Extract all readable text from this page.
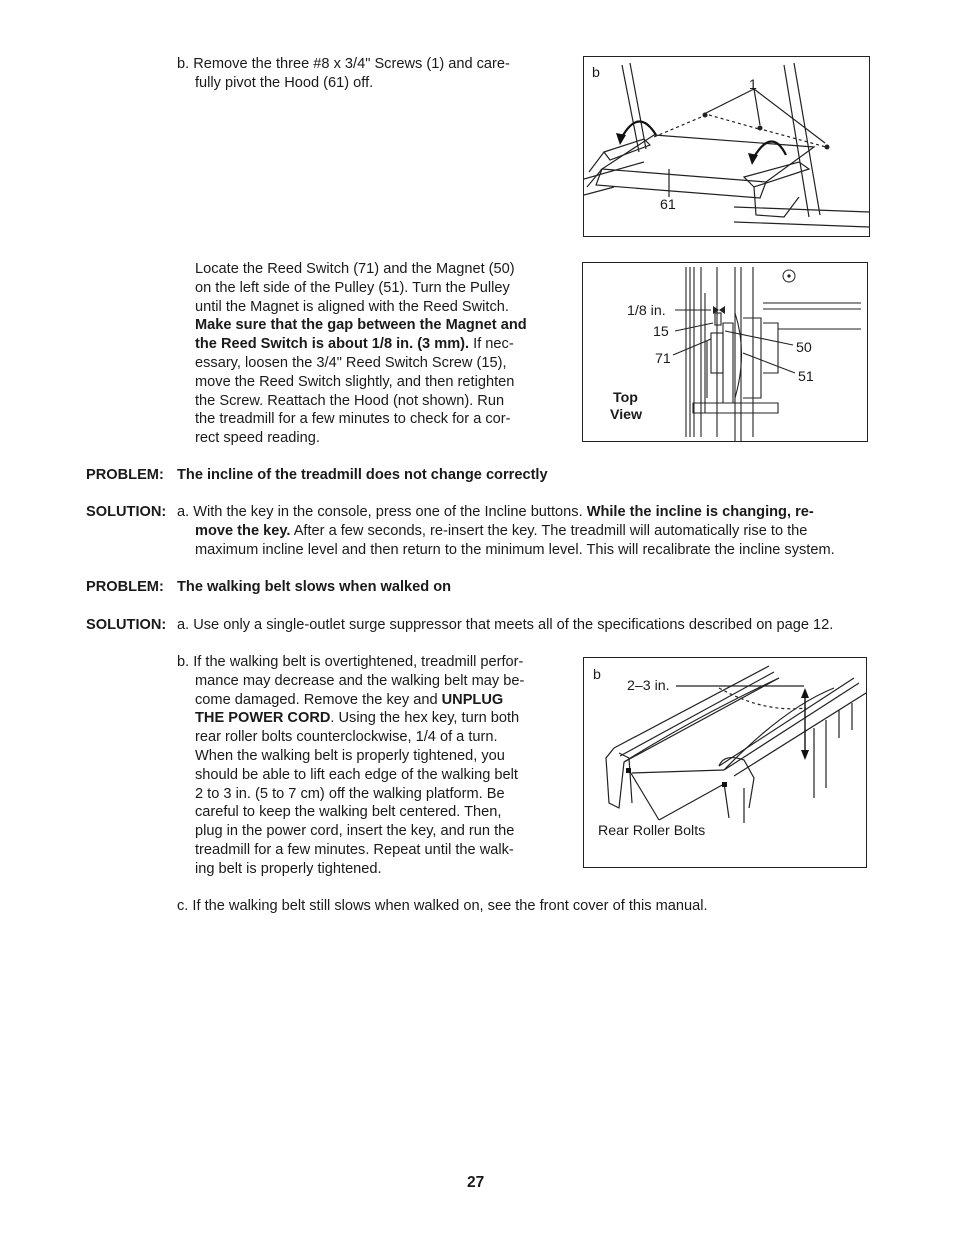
b. Remove the three #8 x 3/4" Screws (1) and care-
fully pivot the Hood (61) off.
b
1
61
Locate the Reed Switch (71) and the Magnet (50)
on the left side of the Pulley (51). Turn the Pulley
until the Magnet is aligned with the Reed Switch.
Make sure that the gap between the Magnet and
the Reed Switch is about 1/8 in. (3 mm). If nec-
essary, loosen the 3/4" Reed Switch Screw (15),
move the Reed Switch slightly, and then retighten
the Screw. Reattach the Hood (not shown). Run
the treadmill for a few minutes to check for a cor-
rect speed reading.
1/8 in.
15
71
50
51
Top
View
PROBLEM: The incline of the treadmill does not change correctly
SOLUTION: a. With the key in the console, press one of the Incline buttons. While the incline is changing, re-
move the key. After a few seconds, re-insert the key. The treadmill will automatically rise to the
maximum incline level and then return to the minimum level. This will recalibrate the incline system.
PROBLEM: The walking belt slows when walked on
SOLUTION: a. Use only a single-outlet surge suppressor that meets all of the specifications described on page 12.
b. If the walking belt is overtightened, treadmill perfor-
mance may decrease and the walking belt may be-
come damaged. Remove the key and UNPLUG
THE POWER CORD. Using the hex key, turn both
rear roller bolts counterclockwise, 1/4 of a turn.
When the walking belt is properly tightened, you
should be able to lift each edge of the walking belt
2 to 3 in. (5 to 7 cm) off the walking platform. Be
careful to keep the walking belt centered. Then,
plug in the power cord, insert the key, and run the
treadmill for a few minutes. Repeat until the walk-
ing belt is properly tightened.
b
2–3 in.
Rear Roller Bolts
c. If the walking belt still slows when walked on, see the front cover of this manual.
27
